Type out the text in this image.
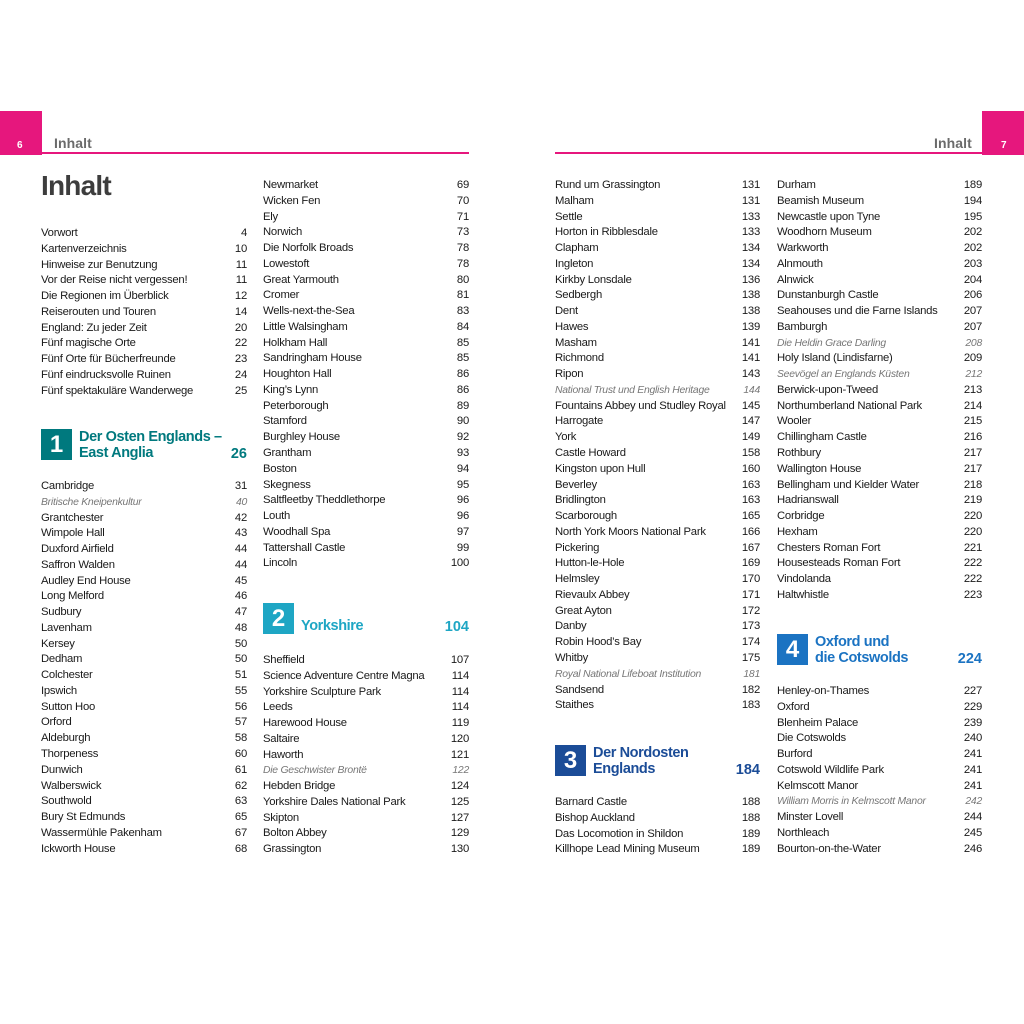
6	7
Inhalt	Inhalt
Inhalt
Vorwort	4
Kartenverzeichnis	10
Hinweise zur Benutzung	11
Vor der Reise nicht vergessen!	11
Die Regionen im Überblick	12
Reiserouten und Touren	14
England: Zu jeder Zeit	20
Fünf magische Orte	22
Fünf Orte für Bücherfreunde	23
Fünf eindrucksvolle Ruinen	24
Fünf spektakuläre Wanderwege	25
1	Der Osten Englands –
East Anglia	26
Cambridge	31
Britische Kneipenkultur	40
Grantchester	42
Wimpole Hall	43
Duxford Airfield	44
Saffron Walden	44
Audley End House	45
Long Melford	46
Sudbury	47
Lavenham	48
Kersey	50
Dedham	50
Colchester	51
Ipswich	55
Sutton Hoo	56
Orford	57
Aldeburgh	58
Thorpeness	60
Dunwich	61
Walberswick	62
Southwold	63
Bury St Edmunds	65
Wassermühle Pakenham	67
Ickworth House	68
Newmarket	69
Wicken Fen	70
Ely	71
Norwich	73
Die Norfolk Broads	78
Lowestoft	78
Great Yarmouth	80
Cromer	81
Wells-next-the-Sea	83
Little Walsingham	84
Holkham Hall	85
Sandringham House	85
Houghton Hall	86
King’s Lynn	86
Peterborough	89
Stamford	90
Burghley House	92
Grantham	93
Boston	94
Skegness	95
Saltfleetby Theddlethorpe	96
Louth	96
Woodhall Spa	97
Tattershall Castle	99
Lincoln	100
2	Yorkshire	104
Sheffield	107
Science Adventure Centre Magna 114
Yorkshire Sculpture Park	114
Leeds	114
Harewood House	119
Saltaire	120
Haworth	121
Die Geschwister Brontë	122
Hebden Bridge	124
Yorkshire Dales National Park	125
Skipton	127
Bolton Abbey	129
Grassington	130
Rund um Grassington	131
Malham	131
Settle	133
Horton in Ribblesdale	133
Clapham	134
Ingleton	134
Kirkby Lonsdale	136
Sedbergh	138
Dent	138
Hawes	139
Masham	141
Richmond	141
Ripon	143
National Trust und English Heritage	144
Fountains Abbey und Studley Royal 145
Harrogate	147
York	149
Castle Howard	158
Kingston upon Hull	160
Beverley	163
Bridlington	163
Scarborough	165
North York Moors National Park	166
Pickering	167
Hutton-le-Hole	169
Helmsley	170
Rievaulx Abbey	171
Great Ayton	172
Danby	173
Robin Hood’s Bay	174
Whitby	175
Royal National Lifeboat Institution	181
Sandsend	182
Staithes	183
3	Der Nordosten
Englands	184
Barnard Castle	188
Bishop Auckland	188
Das Locomotion in Shildon	189
Killhope Lead Mining Museum	189
Durham	189
Beamish Museum	194
Newcastle upon Tyne	195
Woodhorn Museum	202
Warkworth	202
Alnmouth	203
Alnwick	204
Dunstanburgh Castle	206
Seahouses und die Farne Islands 207
Bamburgh	207
Die Heldin Grace Darling	208
Holy Island (Lindisfarne)	209
Seevögel an Englands Küsten	212
Berwick-upon-Tweed	213
Northumberland National Park	214
Wooler	215
Chillingham Castle	216
Rothbury	217
Wallington House	217
Bellingham und Kielder Water	218
Hadrianswall	219
Corbridge	220
Hexham	220
Chesters Roman Fort	221
Housesteads Roman Fort	222
Vindolanda	222
Haltwhistle	223
4	Oxford und
die Cotswolds	224
Henley-on-Thames	227
Oxford	229
Blenheim Palace	239
Die Cotswolds	240
Burford	241
Cotswold Wildlife Park	241
Kelmscott Manor	241
William Morris in Kelmscott Manor	242
Minster Lovell	244
Northleach	245
Bourton-on-the-Water	246
